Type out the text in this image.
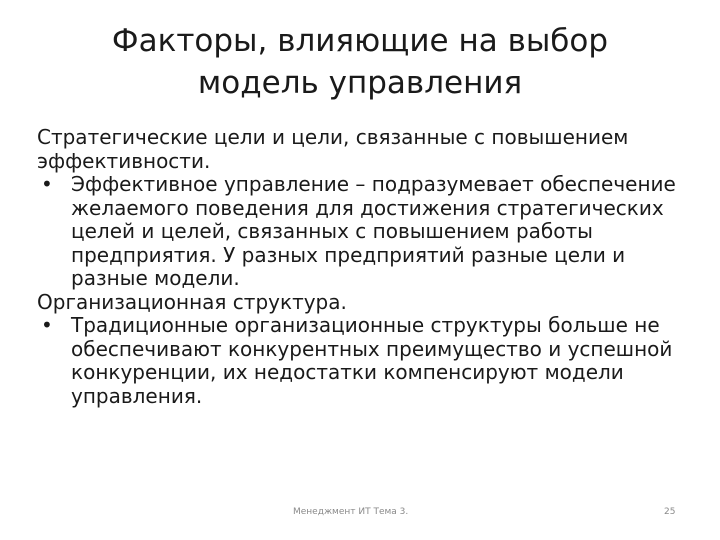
Факторы, влияющие на выбор
модель управления

Стратегические цели и цели, связанные с повышением эффективности.

• Эффективное управление – подразумевает обеспечение желаемого поведения для достижения стратегических целей и целей, связанных с повышением работы предприятия. У разных предприятий разные цели и разные модели.

Организационная структура.

• Традиционные организационные структуры больше не обеспечивают конкурентных преимущество и успешной конкуренции, их недостатки компенсируют модели управления.
Менеджмент ИТ Тема 3.	25
